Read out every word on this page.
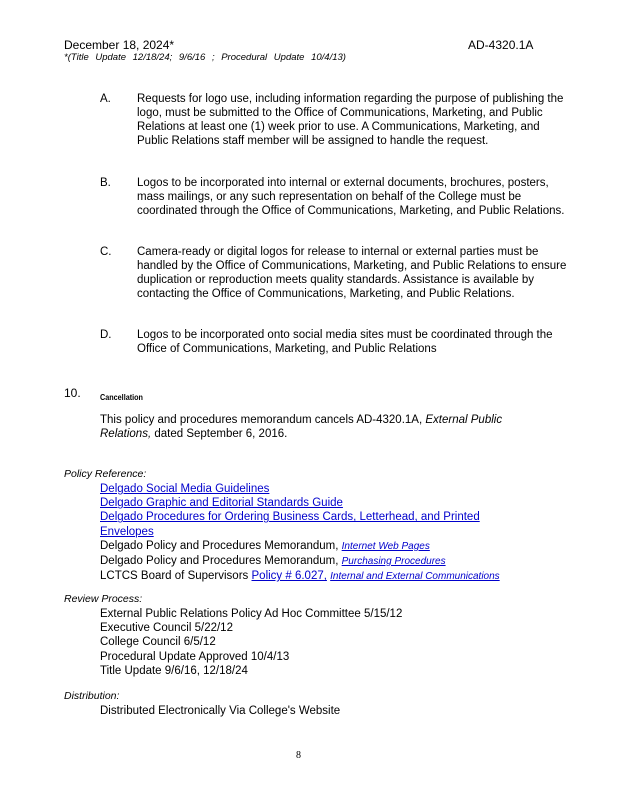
December 18, 2024*	AD-4320.1A
*(Title Update 12/18/24; 9/6/16 ; Procedural Update 10/4/13)
A. Requests for logo use, including information regarding the purpose of publishing the logo, must be submitted to the Office of Communications, Marketing, and Public Relations at least one (1) week prior to use. A Communications, Marketing, and Public Relations staff member will be assigned to handle the request.
B. Logos to be incorporated into internal or external documents, brochures, posters, mass mailings, or any such representation on behalf of the College must be coordinated through the Office of Communications, Marketing, and Public Relations.
C. Camera-ready or digital logos for release to internal or external parties must be handled by the Office of Communications, Marketing, and Public Relations to ensure duplication or reproduction meets quality standards. Assistance is available by contacting the Office of Communications, Marketing, and Public Relations.
D. Logos to be incorporated onto social media sites must be coordinated through the Office of Communications, Marketing, and Public Relations
10. Cancellation
This policy and procedures memorandum cancels AD-4320.1A, External Public Relations, dated September 6, 2016.
Policy Reference:
Delgado Social Media Guidelines
Delgado Graphic and Editorial Standards Guide
Delgado Procedures for Ordering Business Cards, Letterhead, and Printed
Envelopes
Delgado Policy and Procedures Memorandum, Internet Web Pages
Delgado Policy and Procedures Memorandum, Purchasing Procedures
LCTCS Board of Supervisors Policy # 6.027, Internal and External Communications
Review Process:
External Public Relations Policy Ad Hoc Committee 5/15/12
Executive Council 5/22/12
College Council 6/5/12
Procedural Update Approved 10/4/13
Title Update 9/6/16, 12/18/24
Distribution:
Distributed Electronically Via College's Website
8
